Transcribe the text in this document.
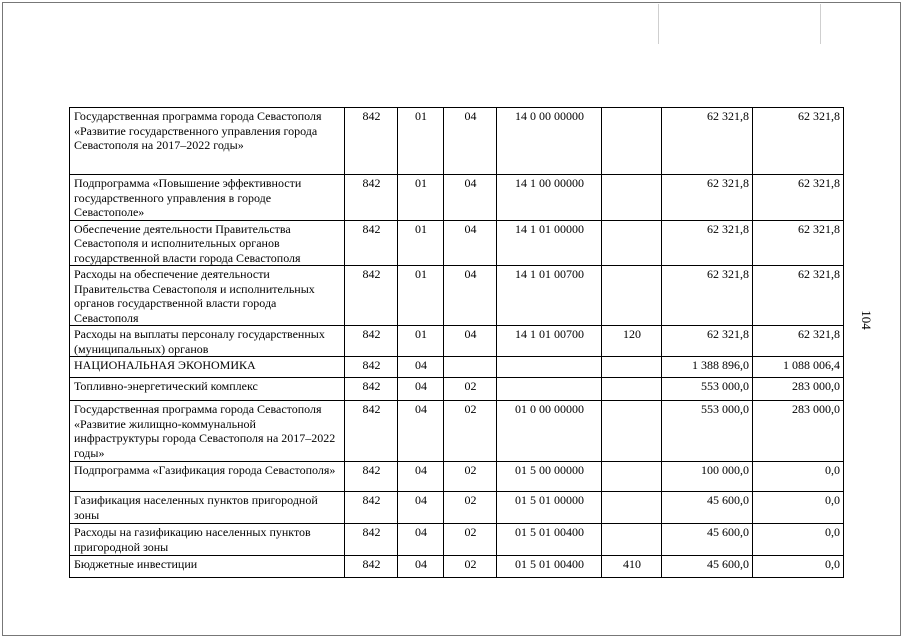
104
Государственная программа города Севастополя «Развитие государственного управления города Севастополя на 2017–2022 годы»	842	01	04	14 0 00 00000		62 321,8	62 321,8
Подпрограмма «Повышение эффективности государственного управления в городе Севастополе»	842	01	04	14 1 00 00000		62 321,8	62 321,8
Обеспечение деятельности Правительства Севастополя и исполнительных органов государственной власти города Севастополя	842	01	04	14 1 01 00000		62 321,8	62 321,8
Расходы на обеспечение деятельности Правительства Севастополя и исполнительных органов государственной власти города Севастополя	842	01	04	14 1 01 00700		62 321,8	62 321,8
Расходы на выплаты персоналу государственных (муниципальных) органов	842	01	04	14 1 01 00700	120	62 321,8	62 321,8
НАЦИОНАЛЬНАЯ ЭКОНОМИКА	842	04				1 388 896,0	1 088 006,4
Топливно-энергетический комплекс	842	04	02			553 000,0	283 000,0
Государственная программа города Севастополя «Развитие жилищно-коммунальной инфраструктуры города Севастополя на 2017–2022 годы»	842	04	02	01 0 00 00000		553 000,0	283 000,0
Подпрограмма «Газификация города Севастополя»	842	04	02	01 5 00 00000		100 000,0	0,0
Газификация населенных пунктов пригородной зоны	842	04	02	01 5 01 00000		45 600,0	0,0
Расходы на газификацию населенных пунктов пригородной зоны	842	04	02	01 5 01 00400		45 600,0	0,0
Бюджетные инвестиции	842	04	02	01 5 01 00400	410	45 600,0	0,0
